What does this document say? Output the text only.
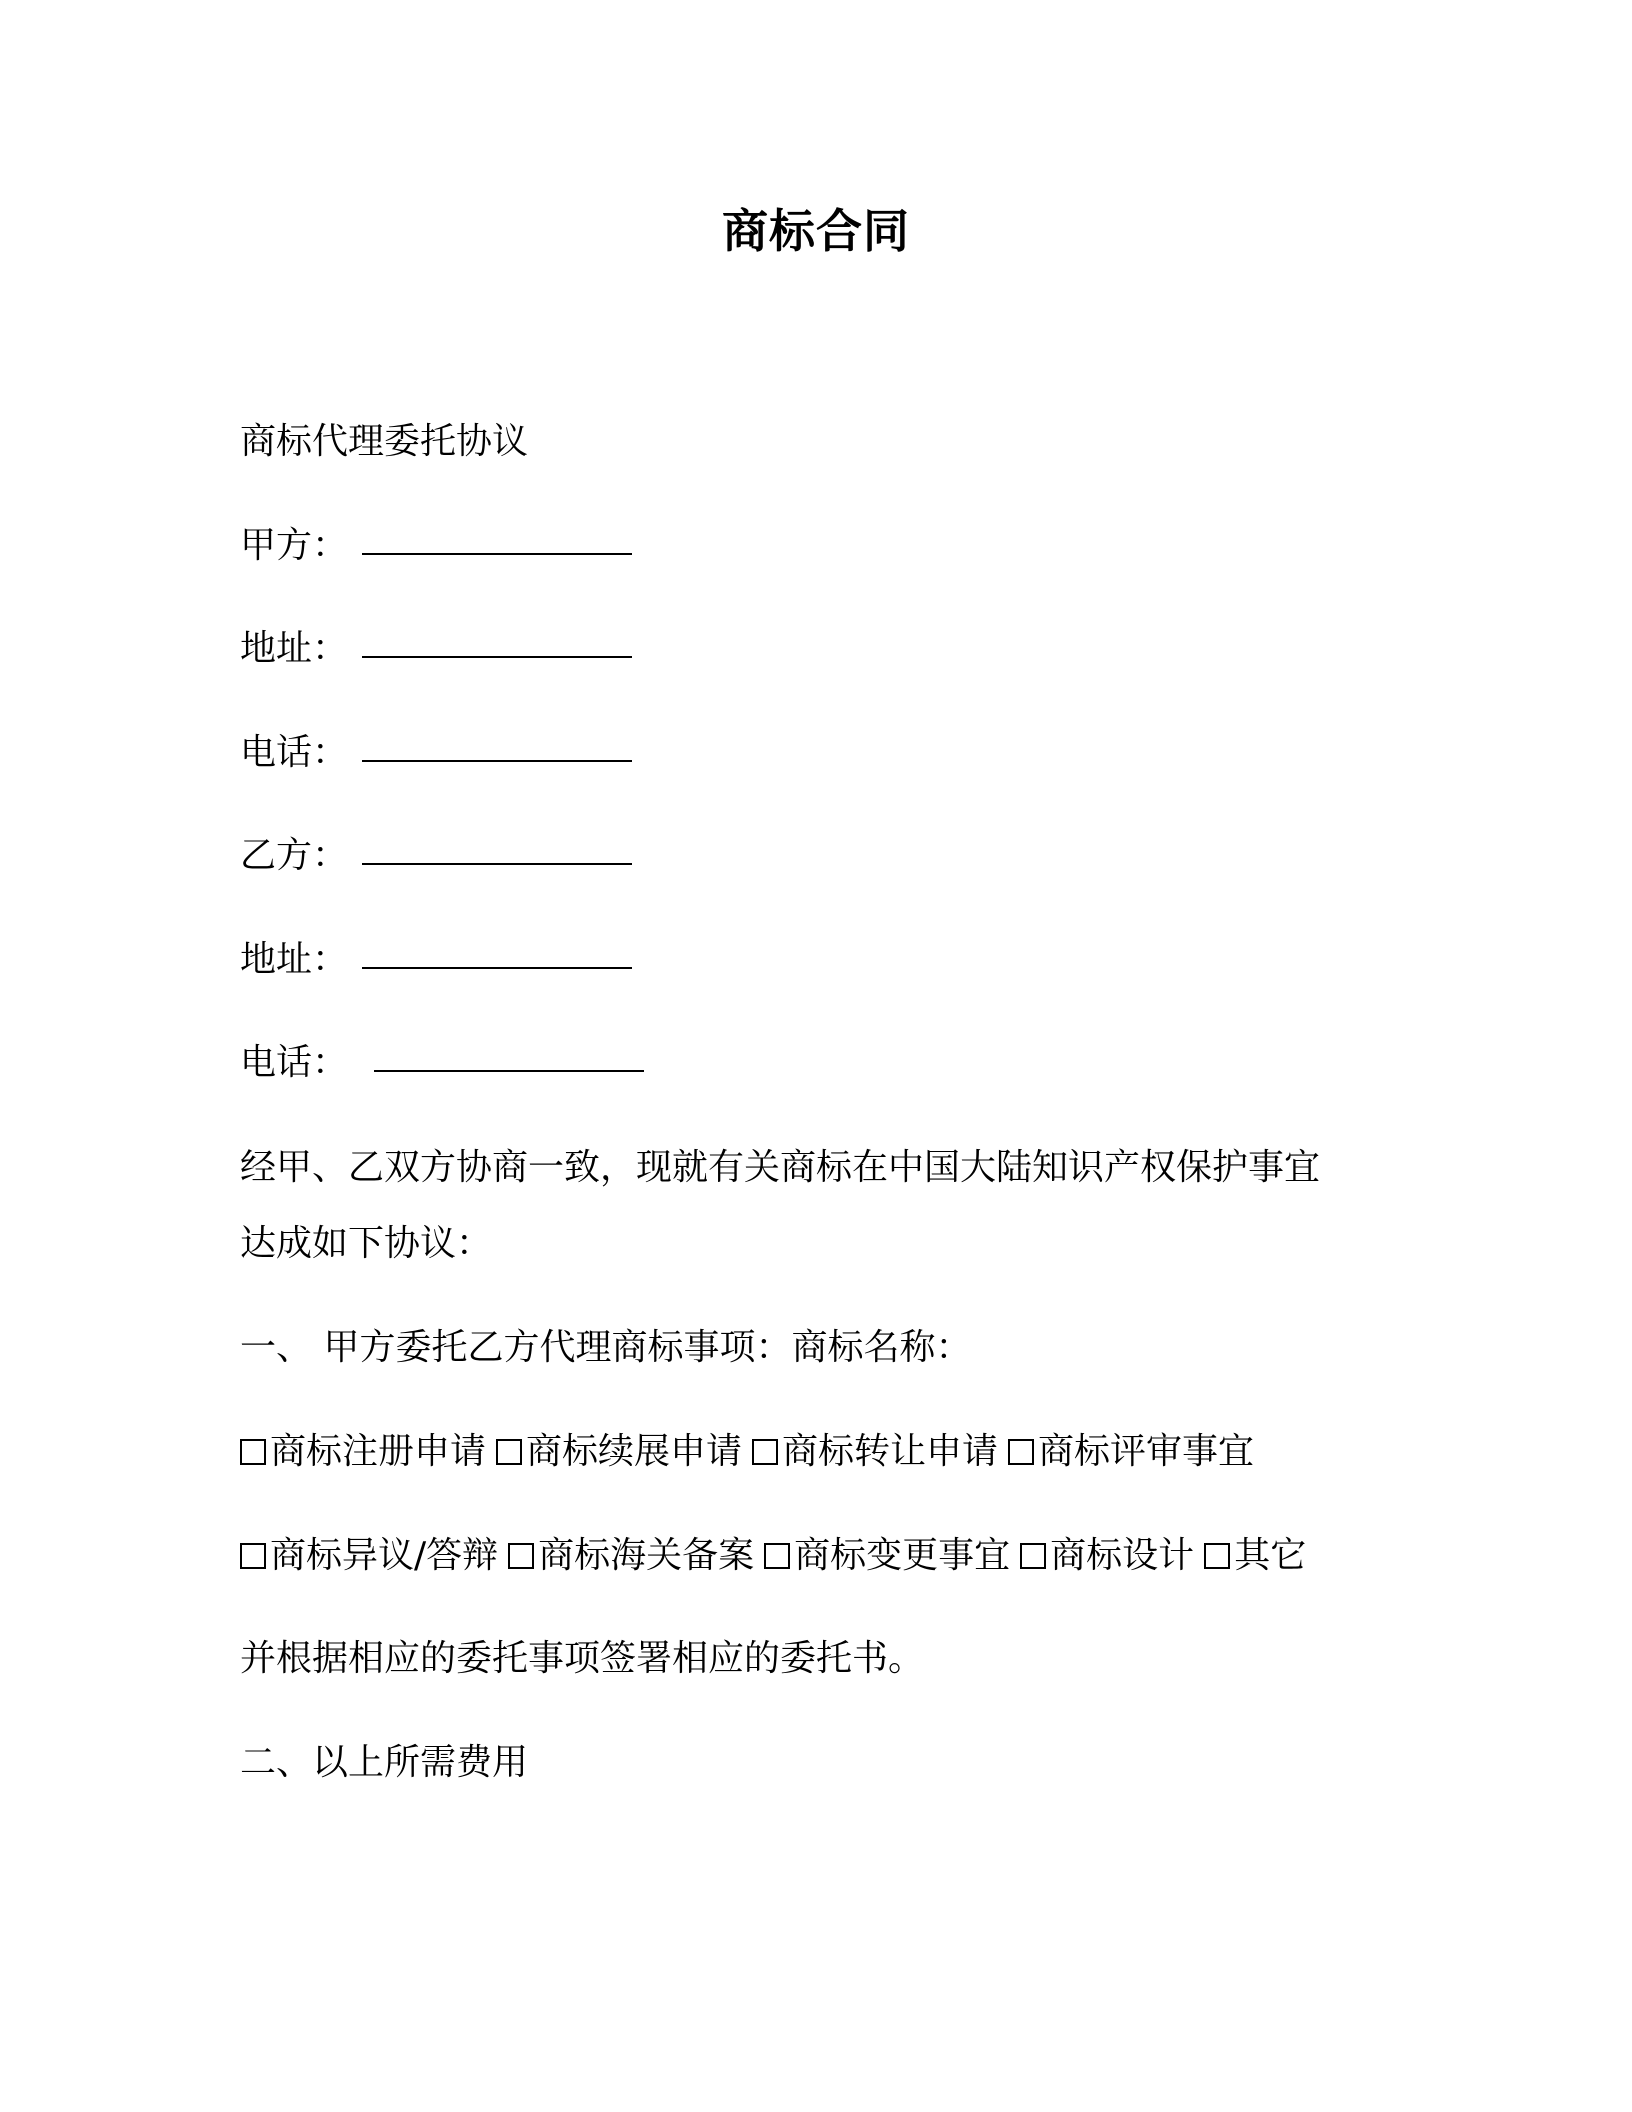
商标合同
商标代理委托协议
甲方：
地址：
电话：
乙方：
地址：
电话：
经甲、乙双方协商一致，现就有关商标在中国大陆知识产权保护事宜
达成如下协议：
一、 甲方委托乙方代理商标事项：商标名称：
商标注册申请 商标续展申请 商标转让申请 商标评审事宜
商标异议/答辩 商标海关备案 商标变更事宜 商标设计 其它
并根据相应的委托事项签署相应的委托书。
二、以上所需费用
